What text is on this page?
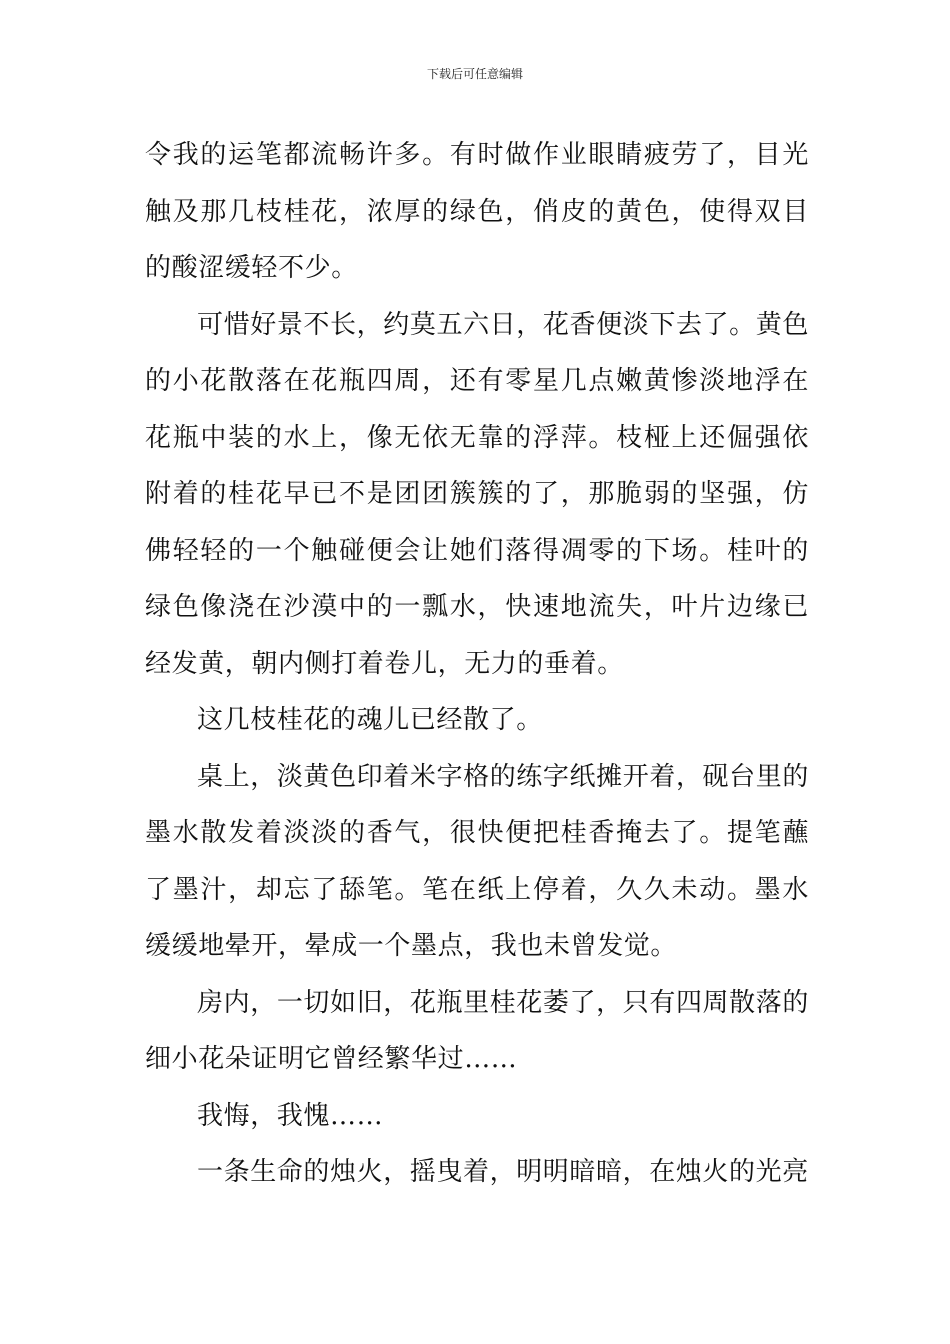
下载后可任意编辑

令我的运笔都流畅许多。有时做作业眼睛疲劳了，目光触及那几枝桂花，浓厚的绿色，俏皮的黄色，使得双目的酸涩缓轻不少。

可惜好景不长，约莫五六日，花香便淡下去了。黄色的小花散落在花瓶四周，还有零星几点嫩黄惨淡地浮在花瓶中装的水上，像无依无靠的浮萍。枝桠上还倔强依附着的桂花早已不是团团簇簇的了，那脆弱的坚强，仿佛轻轻的一个触碰便会让她们落得凋零的下场。桂叶的绿色像浇在沙漠中的一瓢水，快速地流失，叶片边缘已经发黄，朝内侧打着卷儿，无力的垂着。

这几枝桂花的魂儿已经散了。

桌上，淡黄色印着米字格的练字纸摊开着，砚台里的墨水散发着淡淡的香气，很快便把桂香掩去了。提笔蘸了墨汁，却忘了舔笔。笔在纸上停着，久久未动。墨水缓缓地晕开，晕成一个墨点，我也未曾发觉。

房内，一切如旧，花瓶里桂花萎了，只有四周散落的细小花朵证明它曾经繁华过……

我悔，我愧……

一条生命的烛火，摇曳着，明明暗暗，在烛火的光亮
